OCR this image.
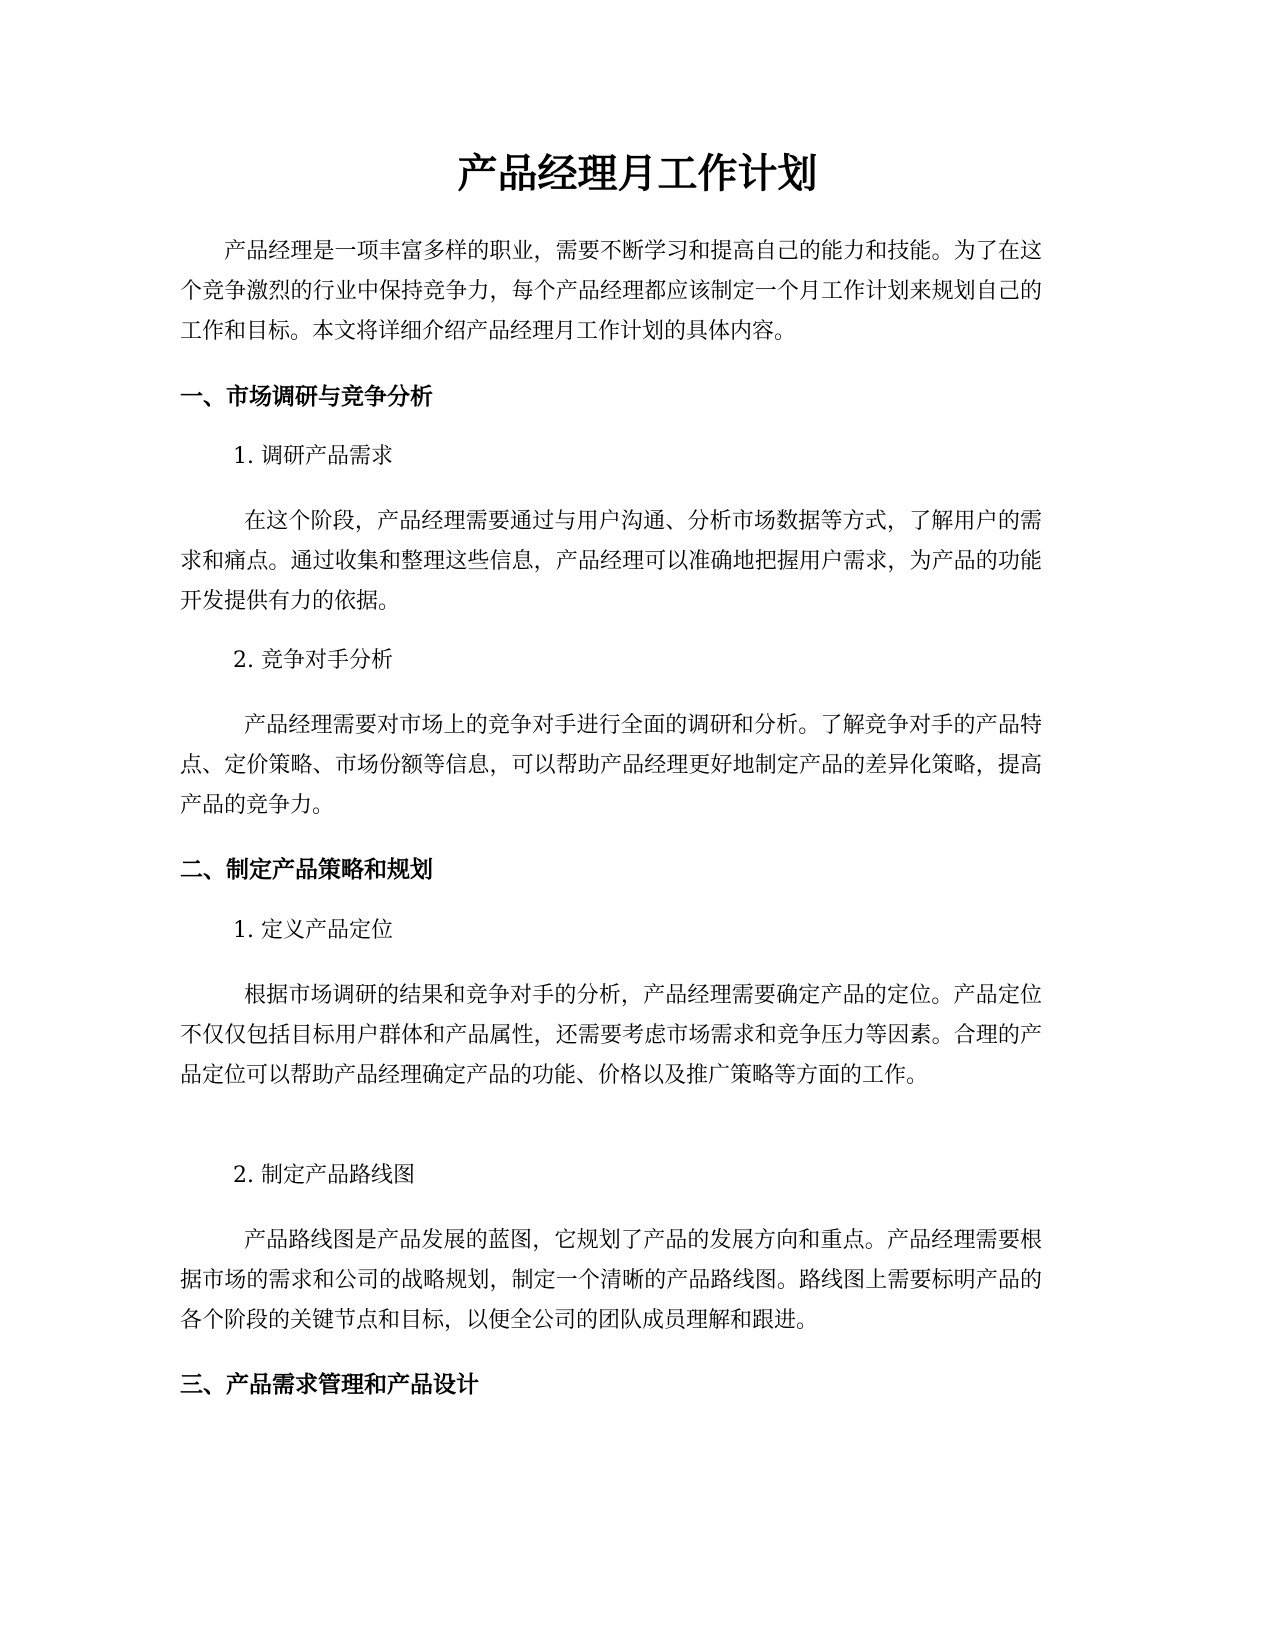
产品经理月工作计划

产品经理是一项丰富多样的职业，需要不断学习和提高自己的能力和技能。为了在这个竞争激烈的行业中保持竞争力，每个产品经理都应该制定一个月工作计划来规划自己的工作和目标。本文将详细介绍产品经理月工作计划的具体内容。

一、市场调研与竞争分析

1. 调研产品需求

在这个阶段，产品经理需要通过与用户沟通、分析市场数据等方式，了解用户的需求和痛点。通过收集和整理这些信息，产品经理可以准确地把握用户需求，为产品的功能开发提供有力的依据。

2. 竞争对手分析

产品经理需要对市场上的竞争对手进行全面的调研和分析。了解竞争对手的产品特点、定价策略、市场份额等信息，可以帮助产品经理更好地制定产品的差异化策略，提高产品的竞争力。

二、制定产品策略和规划

1. 定义产品定位

根据市场调研的结果和竞争对手的分析，产品经理需要确定产品的定位。产品定位不仅仅包括目标用户群体和产品属性，还需要考虑市场需求和竞争压力等因素。合理的产品定位可以帮助产品经理确定产品的功能、价格以及推广策略等方面的工作。

2. 制定产品路线图

产品路线图是产品发展的蓝图，它规划了产品的发展方向和重点。产品经理需要根据市场的需求和公司的战略规划，制定一个清晰的产品路线图。路线图上需要标明产品的各个阶段的关键节点和目标，以便全公司的团队成员理解和跟进。

三、产品需求管理和产品设计
